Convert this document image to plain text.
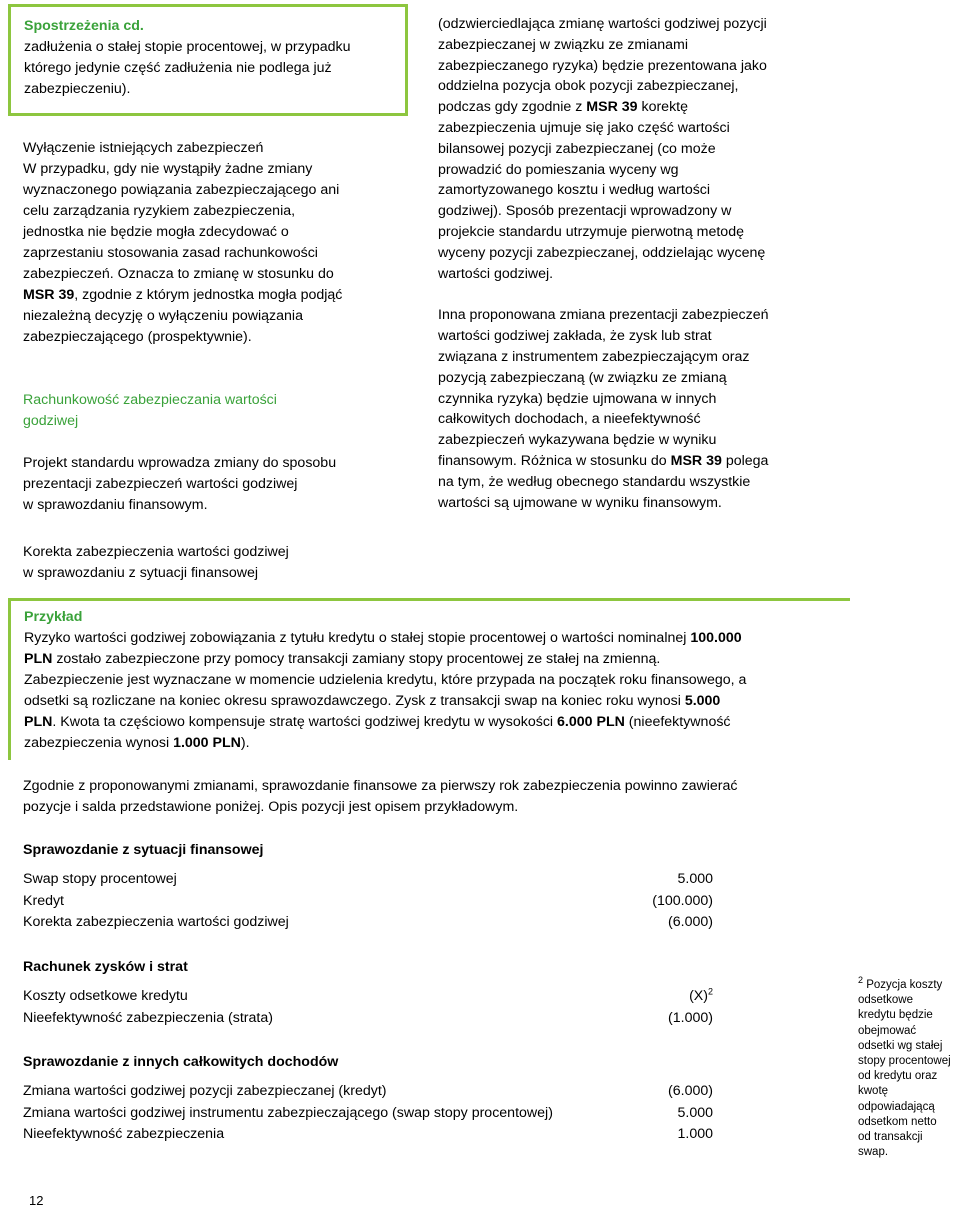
Spostrzeżenia cd.
zadłużenia o stałej stopie procentowej, w przypadku
którego jedynie część zadłużenia nie podlega już
zabezpieczeniu).
Wyłączenie istniejących zabezpieczeń
W przypadku, gdy nie wystąpiły żadne zmiany
wyznaczonego powiązania zabezpieczającego ani
celu zarządzania ryzykiem zabezpieczenia,
jednostka nie będzie mogła zdecydować o
zaprzestaniu stosowania zasad rachunkowości
zabezpieczeń. Oznacza to zmianę w stosunku do
MSR 39, zgodnie z którym jednostka mogła podjąć
niezależną decyzję o wyłączeniu powiązania
zabezpieczającego (prospektywnie).
Rachunkowość zabezpieczania wartości
godziwej
Projekt standardu wprowadza zmiany do sposobu
prezentacji zabezpieczeń wartości godziwej
w sprawozdaniu finansowym.
(odzwierciedlająca zmianę wartości godziwej pozycji
zabezpieczanej w związku ze zmianami
zabezpieczanego ryzyka) będzie prezentowana jako
oddzielna pozycja obok pozycji zabezpieczanej,
podczas gdy zgodnie z MSR 39 korektę
zabezpieczenia ujmuje się jako część wartości
bilansowej pozycji zabezpieczanej (co może
prowadzić do pomieszania wyceny wg
zamortyzowanego kosztu i według wartości
godziwej). Sposób prezentacji wprowadzony w
projekcie standardu utrzymuje pierwotną metodę
wyceny pozycji zabezpieczanej, oddzielając wycenę
wartości godziwej.
Inna proponowana zmiana prezentacji zabezpieczeń
wartości godziwej zakłada, że zysk lub strat
związana z instrumentem zabezpieczającym oraz
pozycją zabezpieczaną (w związku ze zmianą
czynnika ryzyka) będzie ujmowana w innych
całkowitych dochodach, a nieefektywność
zabezpieczeń wykazywana będzie w wyniku
finansowym. Różnica w stosunku do MSR 39 polega
na tym, że według obecnego standardu wszystkie
wartości są ujmowane w wyniku finansowym.
Korekta zabezpieczenia wartości godziwej
w sprawozdaniu z sytuacji finansowej
Przykład
Ryzyko wartości godziwej zobowiązania z tytułu kredytu o stałej stopie procentowej o wartości nominalnej 100.000
PLN zostało zabezpieczone przy pomocy transakcji zamiany stopy procentowej ze stałej na zmienną.
Zabezpieczenie jest wyznaczane w momencie udzielenia kredytu, które przypada na początek roku finansowego, a
odsetki są rozliczane na koniec okresu sprawozdawczego. Zysk z transakcji swap na koniec roku wynosi 5.000
PLN. Kwota ta częściowo kompensuje stratę wartości godziwej kredytu w wysokości 6.000 PLN (nieefektywność
zabezpieczenia wynosi 1.000 PLN).
Zgodnie z proponowanymi zmianami, sprawozdanie finansowe za pierwszy rok zabezpieczenia powinno zawierać
pozycje i salda przedstawione poniżej. Opis pozycji jest opisem przykładowym.
Sprawozdanie z sytuacji finansowej
Swap stopy procentowej	5.000
Kredyt	(100.000)
Korekta zabezpieczenia wartości godziwej	(6.000)
Rachunek zysków i strat
Koszty odsetkowe kredytu	$(X)^2$
Nieefektywność zabezpieczenia (strata)	(1.000)
Sprawozdanie z innych całkowitych dochodów
Zmiana wartości godziwej pozycji zabezpieczanej (kredyt)	(6.000)
Zmiana wartości godziwej instrumentu zabezpieczającego (swap stopy procentowej)	5.000
Nieefektywność zabezpieczenia	1.000
$^2$ Pozycja koszty
odsetkowe
kredytu będzie
obejmować
odsetki wg stałej
stopy procentowej
od kredytu oraz
kwotę
odpowiadającą
odsetkom netto
od transakcji
swap.
12
